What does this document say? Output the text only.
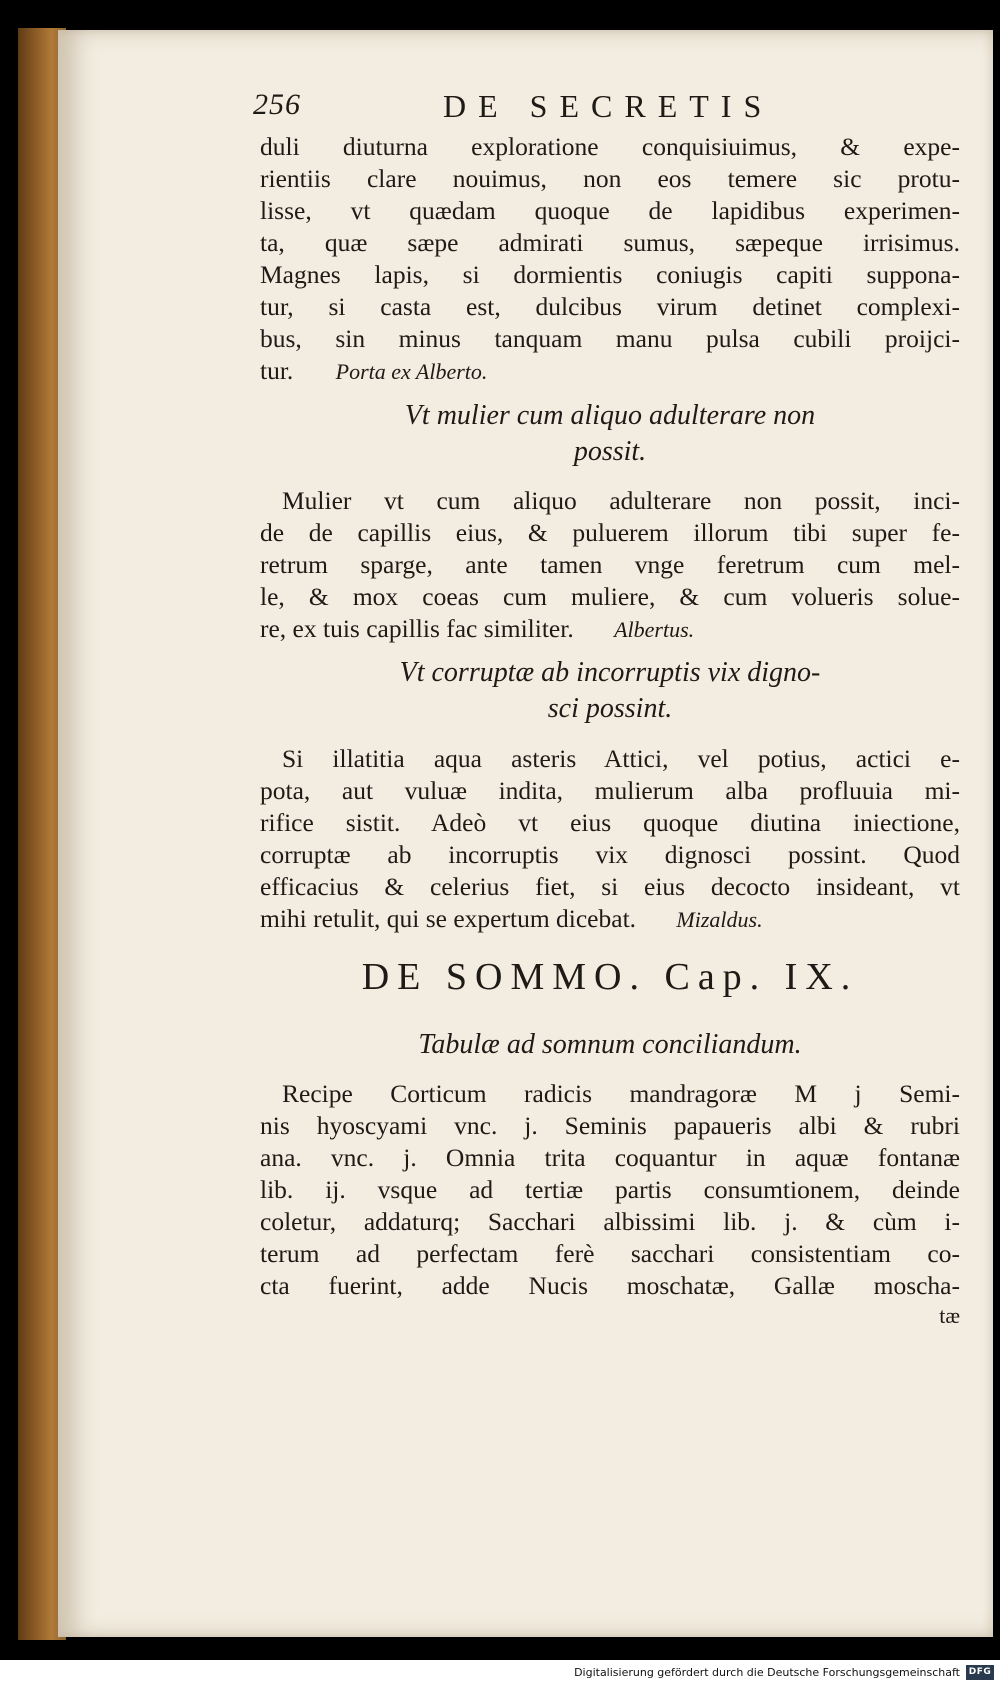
256	DE SECRETIS
duli diuturna exploratione conquisiuimus, & expe-
rientiis clare nouimus, non eos temere sic protu-
lisse, vt quædam quoque de lapidibus experimen-
ta, quæ sæpe admirati sumus, sæpeque irrisimus.
Magnes lapis, si dormientis coniugis capiti suppona-
tur, si casta est, dulcibus virum detinet complexi-
bus, sin minus tanquam manu pulsa cubili proijci-
tur. Porta ex Alberto.
Vt mulier cum aliquo adulterare non
possit.
Mulier vt cum aliquo adulterare non possit, inci-
de de capillis eius, & puluerem illorum tibi super fe-
retrum sparge, ante tamen vnge feretrum cum mel-
le, & mox coeas cum muliere, & cum volueris solue-
re, ex tuis capillis fac similiter. Albertus.
Vt corruptæ ab incorruptis vix digno-
sci possint.
Si illatitia aqua asteris Attici, vel potius, actici e-
pota, aut vuluæ indita, mulierum alba profluuia mi-
rifice sistit. Adeò vt eius quoque diutina iniectione,
corruptæ ab incorruptis vix dignosci possint. Quod
efficacius & celerius fiet, si eius decocto insideant, vt
mihi retulit, qui se expertum dicebat. Mizaldus.
DE SOMMO. Cap. IX.
Tabulæ ad somnum conciliandum.
Recipe Corticum radicis mandragoræ M j Semi-
nis hyoscyami vnc. j. Seminis papaueris albi & rubri
ana. vnc. j. Omnia trita coquantur in aquæ fontanæ
lib. ij. vsque ad tertiæ partis consumtionem, deinde
coletur, addaturq; Sacchari albissimi lib. j. & cùm i-
terum ad perfectam ferè sacchari consistentiam co-
cta fuerint, adde Nucis moschatæ, Gallæ moscha-
tæ
Digitalisierung gefördert durch die Deutsche Forschungsgemeinschaft DFG
